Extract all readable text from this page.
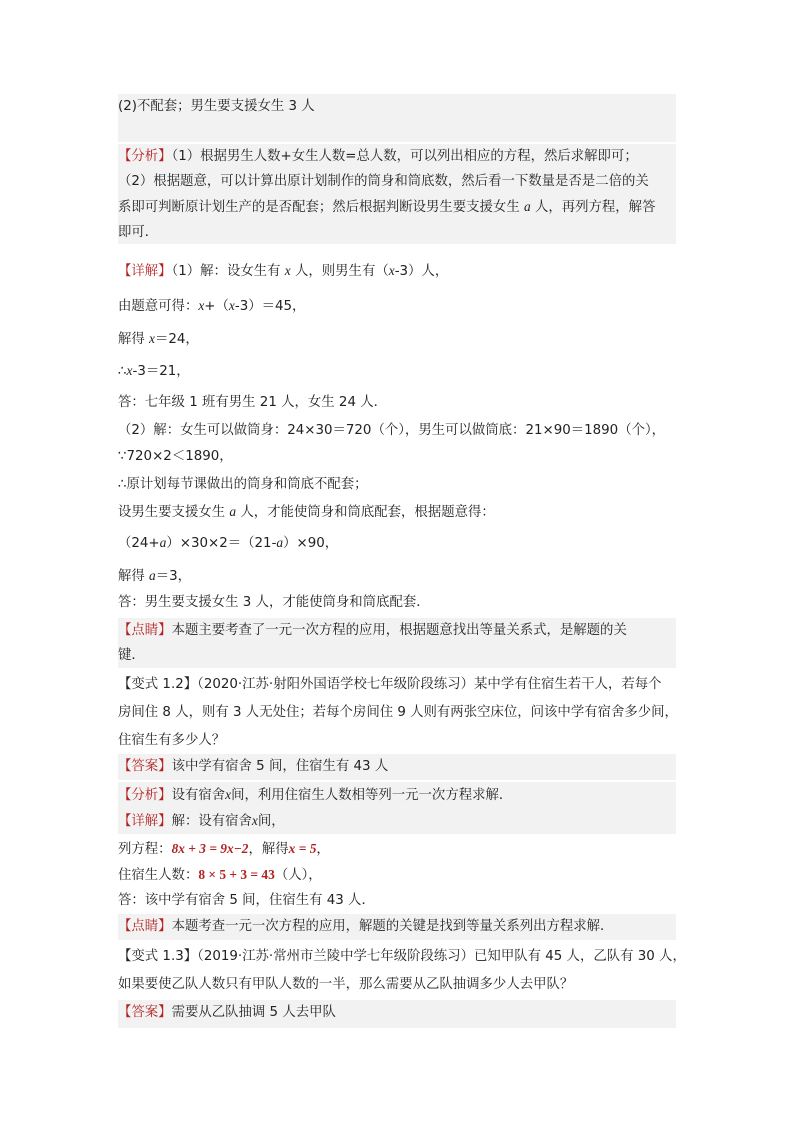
(2)不配套；男生要支援女生 3 人
【分析】（1）根据男生人数+女生人数=总人数，可以列出相应的方程，然后求解即可；
（2）根据题意，可以计算出原计划制作的筒身和筒底数，然后看一下数量是否是二倍的关
系即可判断原计划生产的是否配套；然后根据判断设男生要支援女生 a 人，再列方程，解答
即可．
【详解】（1）解：设女生有 x 人，则男生有（x-3）人，
由题意可得：x+（x-3）＝45，
解得 x＝24，
∴x-3＝21，
答：七年级 1 班有男生 21 人，女生 24 人．
（2）解：女生可以做筒身：24×30＝720（个），男生可以做筒底：21×90＝1890（个），
∵720×2＜1890，
∴原计划每节课做出的筒身和筒底不配套；
设男生要支援女生 a 人，才能使筒身和筒底配套，根据题意得：
（24+a）×30×2＝（21-a）×90，
解得 a＝3，
答：男生要支援女生 3 人，才能使筒身和筒底配套．
【点睛】本题主要考查了一元一次方程的应用，根据题意找出等量关系式，是解题的关
键．
【变式 1.2】（2020·江苏·射阳外国语学校七年级阶段练习）某中学有住宿生若干人，若每个
房间住 8 人，则有 3 人无处住；若每个房间住 9 人则有两张空床位，问该中学有宿舍多少间，
住宿生有多少人？
【答案】该中学有宿舍 5 间，住宿生有 43 人
【分析】设有宿舍x间，利用住宿生人数相等列一元一次方程求解．
【详解】解：设有宿舍x间，
列方程：8x + 3 = 9x−2，解得x = 5，
住宿生人数：8 × 5 + 3 = 43（人），
答：该中学有宿舍 5 间，住宿生有 43 人．
【点睛】本题考查一元一次方程的应用，解题的关键是找到等量关系列出方程求解．
【变式 1.3】（2019·江苏·常州市兰陵中学七年级阶段练习）已知甲队有 45 人，乙队有 30 人，
如果要使乙队人数只有甲队人数的一半，那么需要从乙队抽调多少人去甲队？
【答案】需要从乙队抽调 5 人去甲队
